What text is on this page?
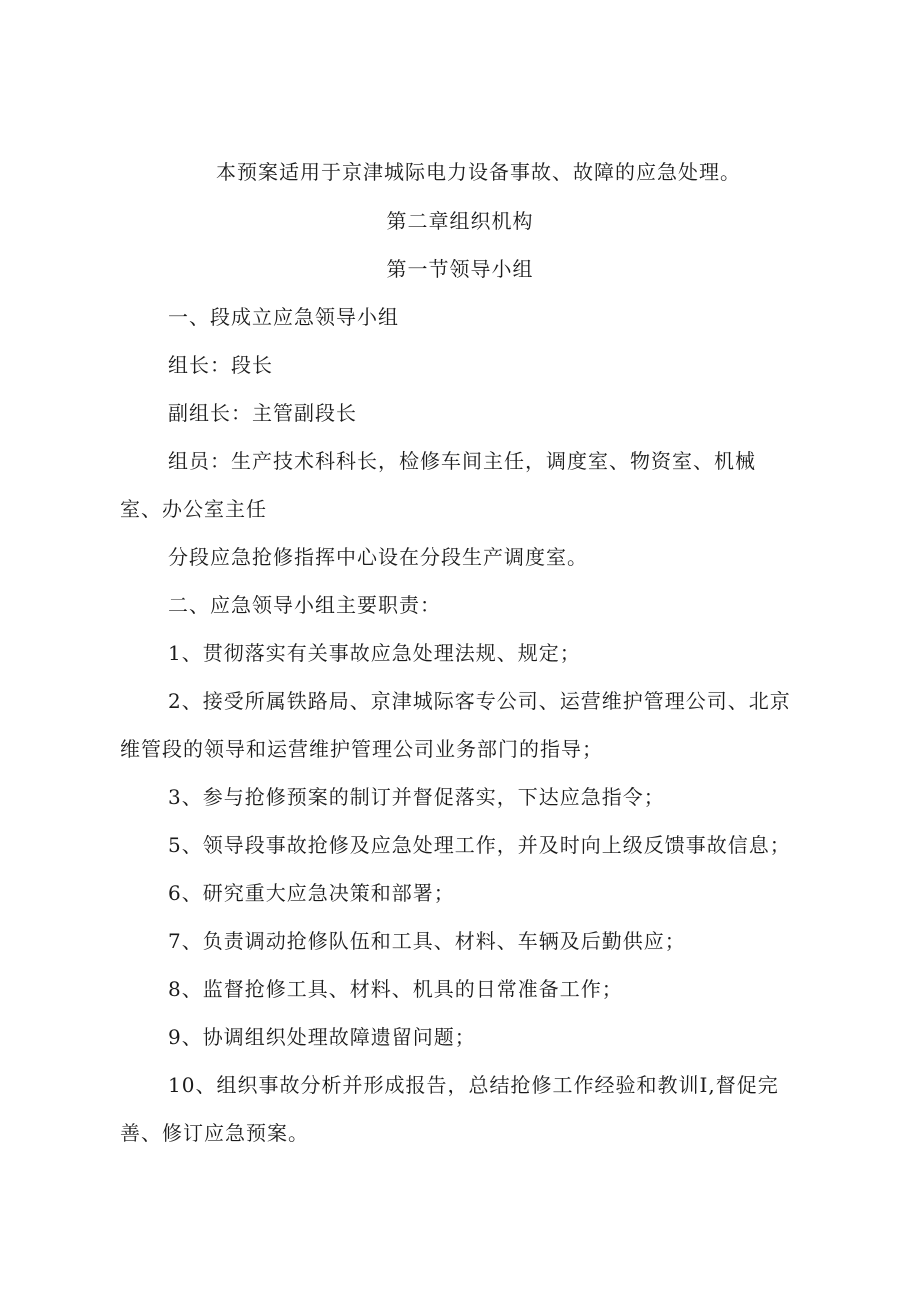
本预案适用于京津城际电力设备事故、故障的应急处理。
第二章组织机构
第一节领导小组
一、段成立应急领导小组
组长：段长
副组长：主管副段长
组员：生产技术科科长，检修车间主任，调度室、物资室、机械
室、办公室主任
分段应急抢修指挥中心设在分段生产调度室。
二、应急领导小组主要职责：
1、贯彻落实有关事故应急处理法规、规定；
2、接受所属铁路局、京津城际客专公司、运营维护管理公司、北京
维管段的领导和运营维护管理公司业务部门的指导；
3、参与抢修预案的制订并督促落实，下达应急指令；
5、领导段事故抢修及应急处理工作，并及时向上级反馈事故信息；
6、研究重大应急决策和部署；
7、负责调动抢修队伍和工具、材料、车辆及后勤供应；
8、监督抢修工具、材料、机具的日常准备工作；
9、协调组织处理故障遗留问题；
10、组织事故分析并形成报告，总结抢修工作经验和教训I,督促完
善、修订应急预案。
